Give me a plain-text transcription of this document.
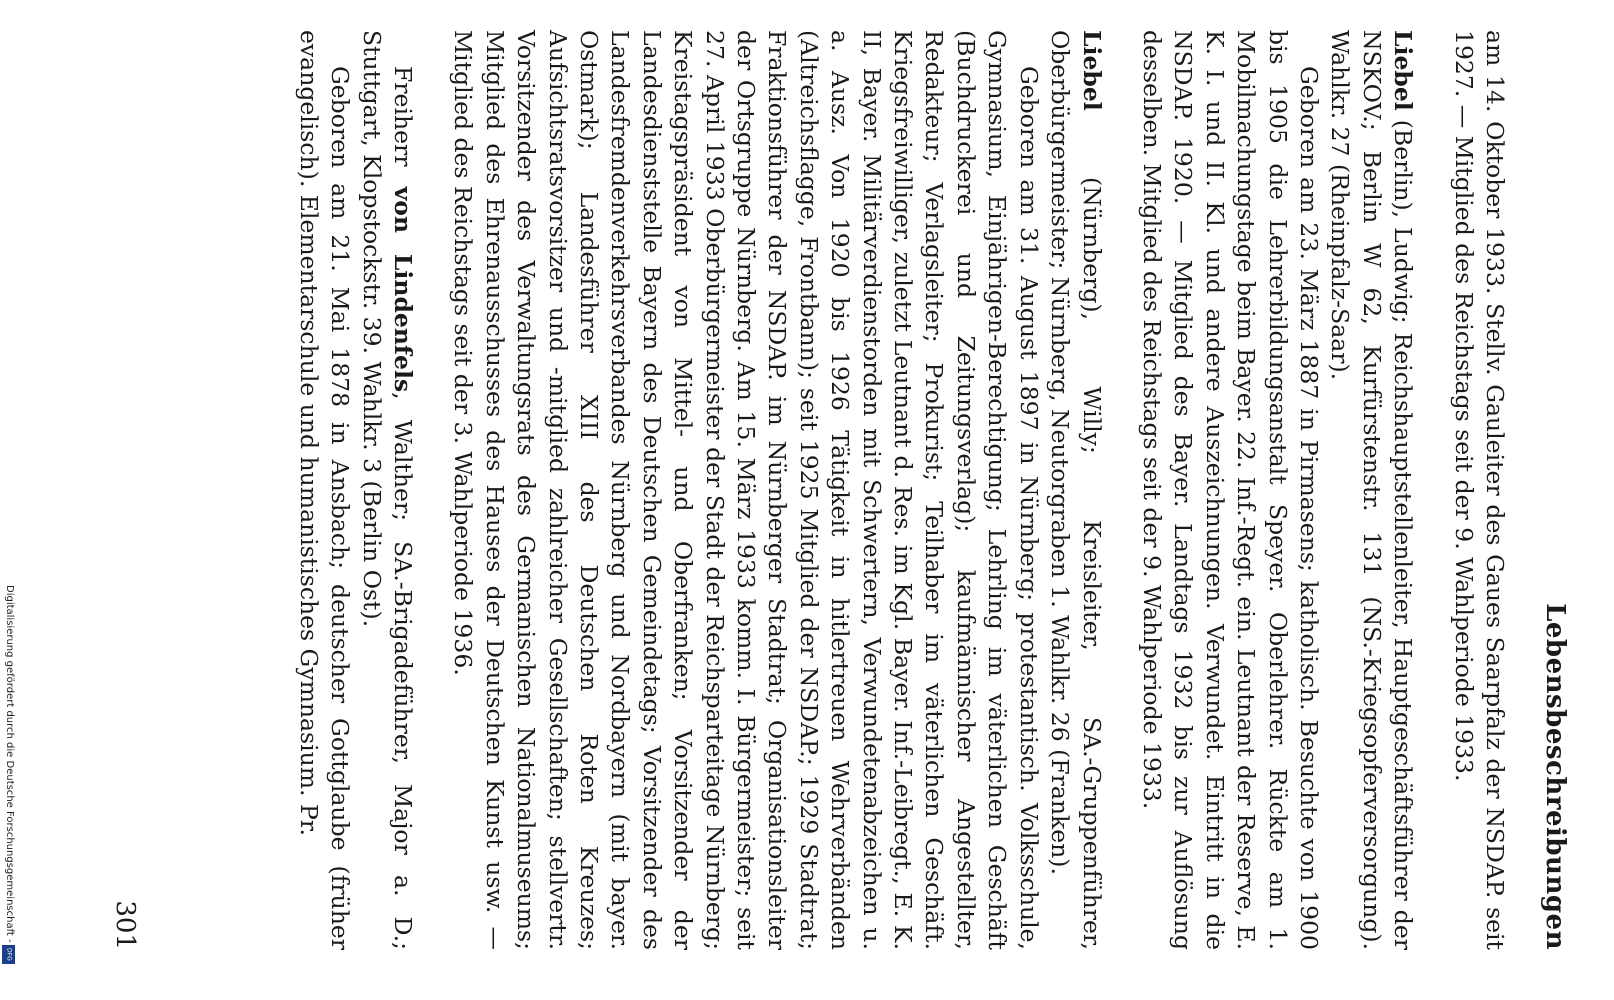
Lebensbeschreibungen

am 14. Oktober 1933. Stellv. Gauleiter des Gaues Saarpfalz der NSDAP. seit 1927. — Mitglied des Reichstags seit der 9. Wahlperiode 1933.

Liebel (Berlin), Ludwig; Reichshauptstellenleiter, Hauptgeschäftsführer der NSKOV.; Berlin W 62, Kurfürstenstr. 131 (NS.-Kriegsopferversorgung). Wahlkr. 27 (Rheinpfalz-Saar).

Geboren am 23. März 1887 in Pirmasens; katholisch. Besuchte von 1900 bis 1905 die Lehrerbildungsanstalt Speyer. Oberlehrer. Rückte am 1. Mobilmachungstage beim Bayer. 22. Inf.-Regt. ein. Leutnant der Reserve, E. K. I. und II. Kl. und andere Auszeichnungen. Verwundet. Eintritt in die NSDAP. 1920. — Mitglied des Bayer. Landtags 1932 bis zur Auflösung desselben. Mitglied des Reichstags seit der 9. Wahlperiode 1933.

Liebel (Nürnberg), Willy; Kreisleiter, SA.-Gruppenführer, Oberbürgermeister; Nürnberg, Neutorgraben 1. Wahlkr. 26 (Franken).

Geboren am 31. August 1897 in Nürnberg; protestantisch. Volksschule, Gymnasium, Einjährigen-Berechtigung; Lehrling im väterlichen Geschäft (Buchdruckerei und Zeitungsverlag); kaufmännischer Angestellter, Redakteur; Verlagsleiter; Prokurist; Teilhaber im väterlichen Geschäft. Kriegsfreiwilliger, zuletzt Leutnant d. Res. im Kgl. Bayer. Inf.-Leibregt., E. K. II, Bayer. Militärverdienstorden mit Schwertern, Verwundetenabzeichen u. a. Ausz. Von 1920 bis 1926 Tätigkeit in hitlertreuen Wehrverbänden (Altreichsflagge, Frontbann); seit 1925 Mitglied der NSDAP.; 1929 Stadtrat; Fraktionsführer der NSDAP. im Nürnberger Stadtrat; Organisationsleiter der Ortsgruppe Nürnberg. Am 15. März 1933 komm. I. Bürgermeister; seit 27. April 1933 Oberbürgermeister der Stadt der Reichsparteitage Nürnberg; Kreistagspräsident von Mittel- und Oberfranken; Vorsitzender der Landesdienststelle Bayern des Deutschen Gemeindetags; Vorsitzender des Landesfremdenverkehrsverbandes Nürnberg und Nordbayern (mit bayer. Ostmark); Landesführer XIII des Deutschen Roten Kreuzes; Aufsichtsratsvorsitzer und -mitglied zahlreicher Gesellschaften; stellvertr. Vorsitzender des Verwaltungsrats des Germanischen Nationalmuseums; Mitglied des Ehrenausschusses des Hauses der Deutschen Kunst usw. — Mitglied des Reichstags seit der 3. Wahlperiode 1936.

Freiherr von Lindenfels, Walther; SA.-Brigadeführer, Major a. D.; Stuttgart, Klopstockstr. 39. Wahlkr. 3 (Berlin Ost).

Geboren am 21. Mai 1878 in Ansbach; deutscher Gottglaube (früher evangelisch). Elementarschule und humanistisches Gymnasium. Pr.

301
Digitalisierung gefördert durch die Deutsche Forschungsgemeinschaft -
DFG
